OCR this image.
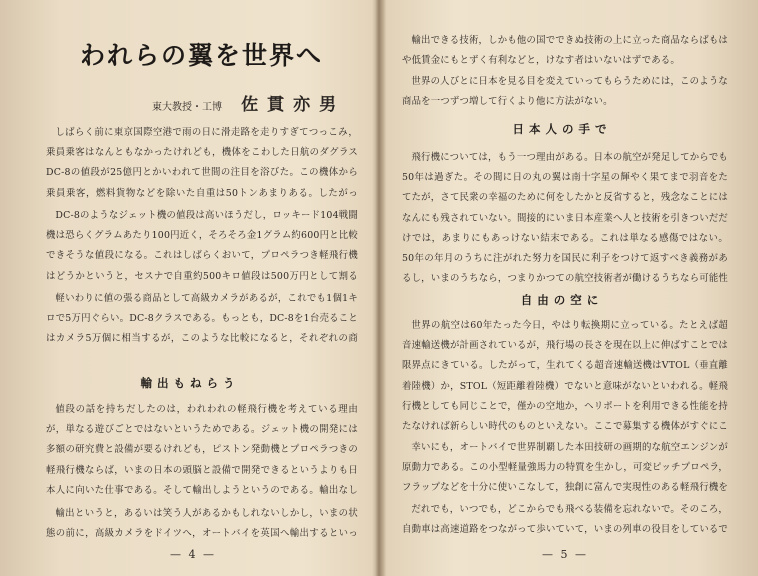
われらの翼を世界へ
東大教授・工博 佐貫亦男
しばらく前に東京国際空港で雨の日に滑走路を走りすぎてつっこみ，乗員乗客はなんともなかったけれども，機体をこわした日航のダグラスDC-8の値段が25億円とかいわれて世間の注目を浴びた。この機体から乗員乗客，燃料貨物などを除いた自重は50トンあまりある。したがっ
DC-8のようなジェット機の値段は高いほうだし，ロッキード104戦闘機は恐らくグラムあたり100円近く，そろそろ金1グラム約600円と比較できそうな値段になる。これはしばらくおいて，プロペラつき軽飛行機はどうかというと，セスナで自重約500キロ値段は500万円として割る
軽いわりに値の張る商品として高級カメラがあるが，これでも1個1キロで5万円ぐらい。DC-8クラスである。もっとも，DC-8を1台売ることはカメラ5万個に相当するが，このような比較になると，それぞれの商
輸出もねらう
値段の話を持ちだしたのは，われわれの軽飛行機を考えている理由が，単なる遊びごとではないというためである。ジェット機の開発には多額の研究費と設備が要るけれども，ピストン発動機とプロペラつきの軽飛行機ならば，いまの日本の頭脳と設備で開発できるというよりも日本人に向いた仕事である。そして輸出しようというのである。輸出なし
輸出というと，あるいは笑う人があるかもしれないしかし，いまの状態の前に，高級カメラをドイツへ，オートバイを英国へ輸出するといっ
— 4 —
輸出できる技術，しかも他の国でできぬ技術の上に立った商品ならばもはや低賃金にもとずく有利などと，けなす者はいないはずである。
世界の人びとに日本を見る目を変えていってもらうためには，このような商品を一つずつ増して行くより他に方法がない。
日本人の手で
飛行機については，もう一つ理由がある。日本の航空が発足してからでも50年は過ぎた。その間に日の丸の翼は南十字星の輝やく果てまで羽音をたてたが，さて民衆の幸福のために何をしたかと反省すると，残念なことにはなんにも残されていない。間接的にいま日本産業へ人と技術を引きついだだけでは，あまりにもあっけない結末である。これは単なる感傷ではない。50年の年月のうちに注がれた努力を国民に利子をつけて返すべき義務があるし，いまのうちなら，つまりかつての航空技術者が働けるうちなら可能性
自由の空に
世界の航空は60年たった今日，やはり転換期に立っている。たとえば超音速輸送機が計画されているが，飛行場の長さを現在以上に伸ばすことでは限界点にきている。したがって，生れてくる超音速輸送機はVTOL（垂直離着陸機）か，STOL（短距離着陸機）でないと意味がないといわれる。軽飛行機としても同じことで，僅かの空地か，ヘリポートを利用できる性能を持たなければ新らしい時代のものといえない。ここで募集する機体がすぐにこ
幸いにも，オートバイで世界制覇した本田技研の画期的な航空エンジンが原動力である。この小型軽量強馬力の特質を生かし，可変ピッチプロペラ，フラップなどを十分に使いこなして，独創に富んで実現性のある軽飛行機を
だれでも，いつでも，どこからでも飛べる装備を忘れないで。そのころ，自動車は高速道路をつながって歩いていて，いまの列車の役目をしているで
— 5 —
